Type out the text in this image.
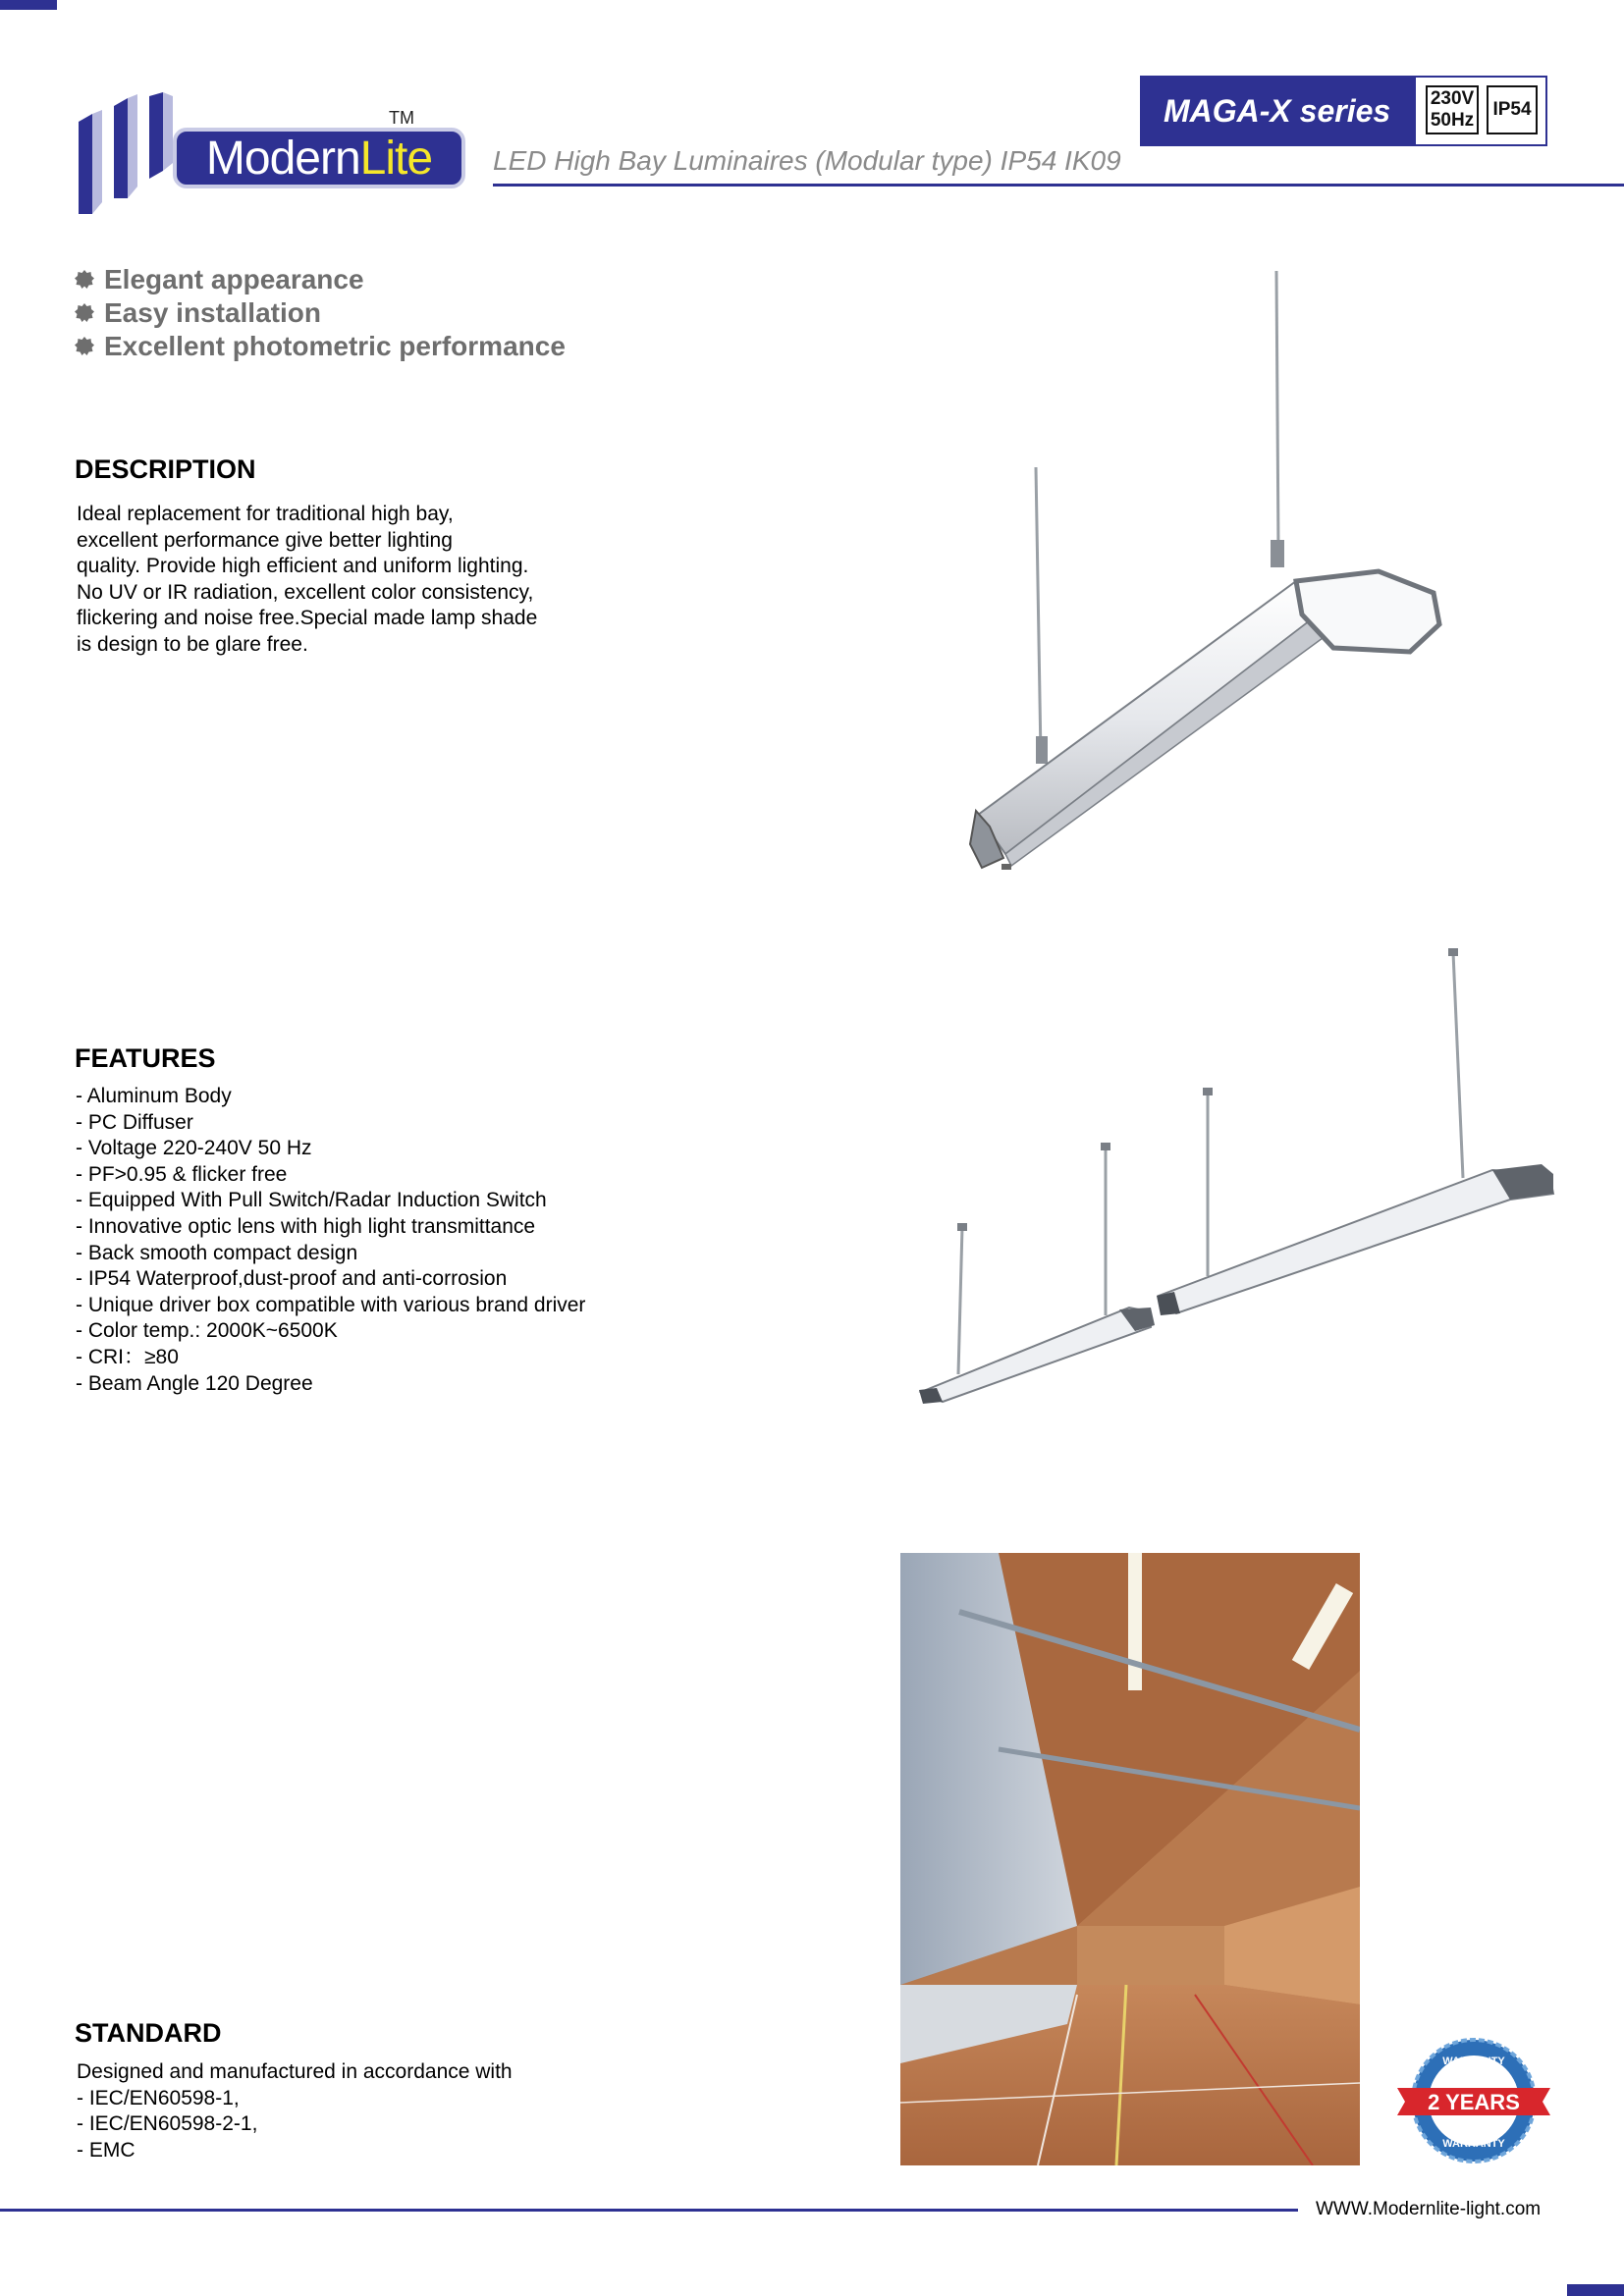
Modern Lite
TM	MAGA-X series 230V
50Hz
IP54
LED High Bay Luminaires (Modular type) IP54 IK09
Elegant appearance
Easy installation
Excellent photometric performance
DESCRIPTION
Ideal replacement for traditional high bay,
excellent performance give better lighting
quality. Provide high efficient and uniform lighting.
No UV or IR radiation, excellent color consistency,
flickering and noise free.Special made lamp shade
is design to be glare free.
FEATURES
- Aluminum Body
- PC Diffuser
- Voltage 220-240V 50 Hz
- PF>0.95 & flicker free
- Equipped With Pull Switch/Radar Induction Switch
- Innovative optic lens with high light transmittance
- Back smooth compact design
- IP54 Waterproof,dust-proof and anti-corrosion
- Unique driver box compatible with various brand driver
- Color temp.: 2000K~6500K
- CRI：≥80
- Beam Angle 120 Degree
STANDARD
Designed and manufactured in accordance with
- IEC/EN60598-1,
- IEC/EN60598-2-1,
- EMC
WARRANTY
2 YEARS
WARRANTY
WWW.Modernlite-light.com
